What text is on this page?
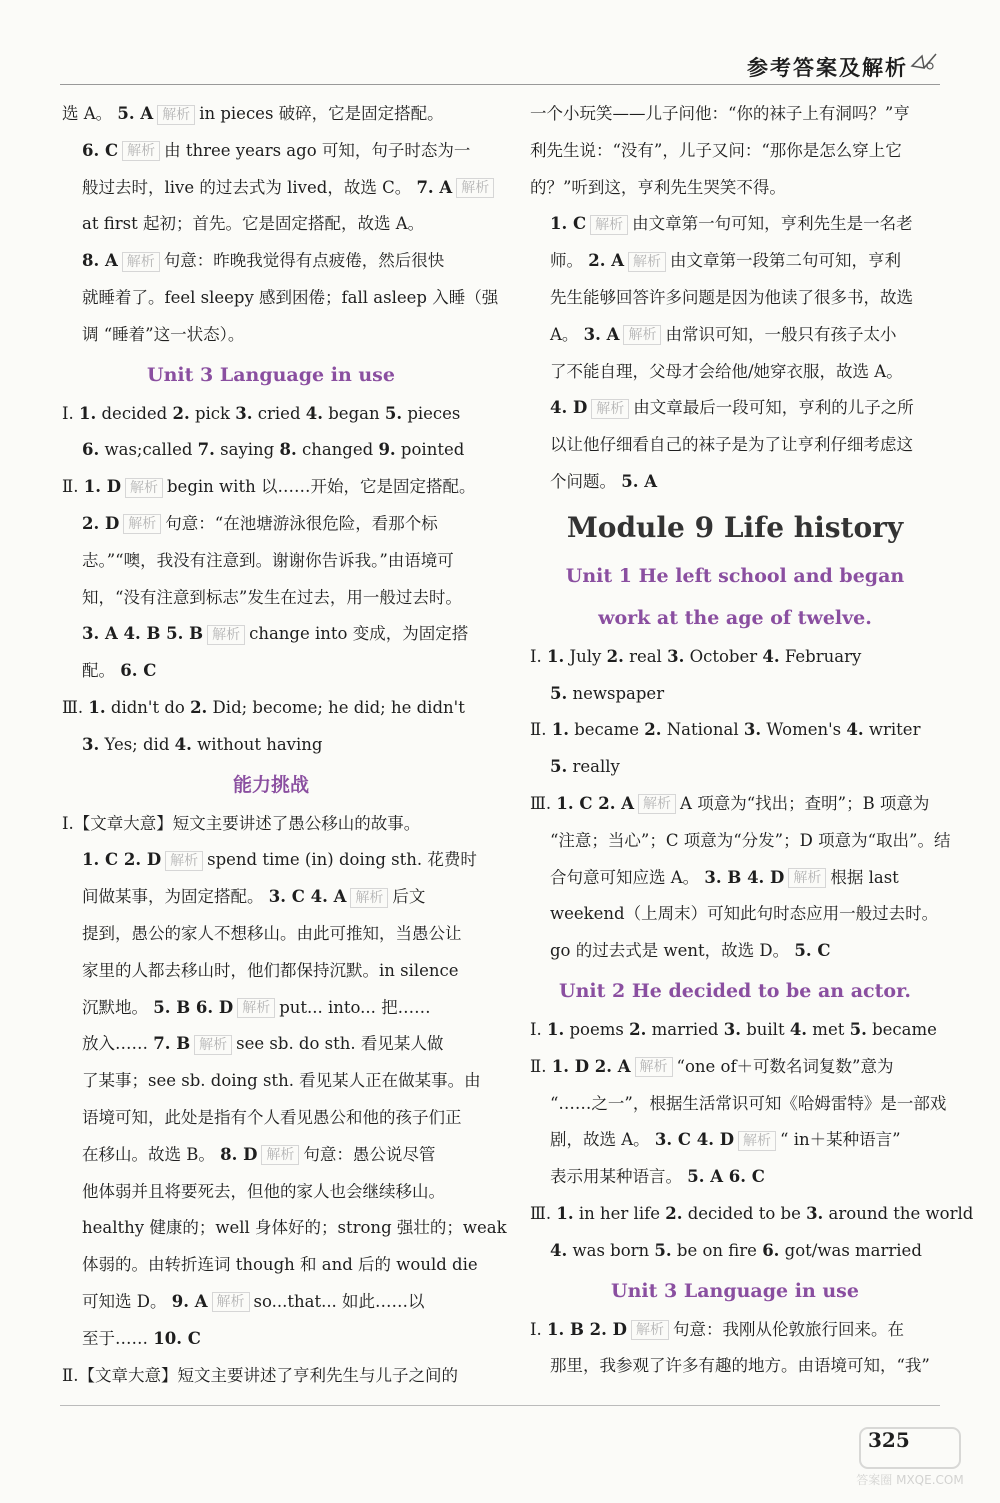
参考答案及解析
选 A。 5. A 解析 in pieces 破碎，它是固定搭配。
6. C 解析 由 three years ago 可知，句子时态为一
般过去时，live 的过去式为 lived，故选 C。 7. A 解析
at first 起初；首先。它是固定搭配，故选 A。
8. A 解析 句意：昨晚我觉得有点疲倦，然后很快
就睡着了。feel sleepy 感到困倦；fall asleep 入睡（强
调 “睡着”这一状态）。
Unit 3 Language in use
Ⅰ. 1. decided 2. pick 3. cried 4. began 5. pieces
6. was;called 7. saying 8. changed 9. pointed
Ⅱ. 1. D 解析 begin with 以……开始，它是固定搭配。
2. D 解析 句意：“在池塘游泳很危险，看那个标
志。”“噢，我没有注意到。谢谢你告诉我。”由语境可
知，“没有注意到标志”发生在过去，用一般过去时。
3. A 4. B 5. B 解析 change into 变成，为固定搭
配。 6. C
Ⅲ. 1. didn't do 2. Did; become; he did; he didn't
3. Yes; did 4. without having
能力挑战
Ⅰ.【文章大意】短文主要讲述了愚公移山的故事。
1. C 2. D 解析 spend time (in) doing sth. 花费时
间做某事，为固定搭配。 3. C 4. A 解析 后文
提到，愚公的家人不想移山。由此可推知，当愚公让
家里的人都去移山时，他们都保持沉默。in silence
沉默地。 5. B 6. D 解析 put... into... 把……
放入…… 7. B 解析 see sb. do sth. 看见某人做
了某事；see sb. doing sth. 看见某人正在做某事。由
语境可知，此处是指有个人看见愚公和他的孩子们正
在移山。故选 B。 8. D 解析 句意：愚公说尽管
他体弱并且将要死去，但他的家人也会继续移山。
healthy 健康的；well 身体好的；strong 强壮的；weak
体弱的。由转折连词 though 和 and 后的 would die
可知选 D。 9. A 解析 so...that... 如此……以
至于…… 10. C
Ⅱ.【文章大意】短文主要讲述了亨利先生与儿子之间的
一个小玩笑——儿子问他：“你的袜子上有洞吗？”亨
利先生说：“没有”，儿子又问：“那你是怎么穿上它
的？”听到这，亨利先生哭笑不得。
1. C 解析 由文章第一句可知，亨利先生是一名老
师。 2. A 解析 由文章第一段第二句可知，亨利
先生能够回答许多问题是因为他读了很多书，故选
A。 3. A 解析 由常识可知，一般只有孩子太小
了不能自理，父母才会给他/她穿衣服，故选 A。
4. D 解析 由文章最后一段可知，亨利的儿子之所
以让他仔细看自己的袜子是为了让亨利仔细考虑这
个问题。 5. A
Module 9 Life history
Unit 1 He left school and began
work at the age of twelve.
Ⅰ. 1. July 2. real 3. October 4. February
5. newspaper
Ⅱ. 1. became 2. National 3. Women's 4. writer
5. really
Ⅲ. 1. C 2. A 解析 A 项意为“找出；查明”；B 项意为
“注意；当心”；C 项意为“分发”；D 项意为“取出”。结
合句意可知应选 A。 3. B 4. D 解析 根据 last
weekend（上周末）可知此句时态应用一般过去时。
go 的过去式是 went，故选 D。 5. C
Unit 2 He decided to be an actor.
Ⅰ. 1. poems 2. married 3. built 4. met 5. became
Ⅱ. 1. D 2. A 解析 “one of＋可数名词复数”意为
“……之一”，根据生活常识可知《哈姆雷特》是一部戏
剧，故选 A。 3. C 4. D 解析 “ in＋某种语言”
表示用某种语言。 5. A 6. C
Ⅲ. 1. in her life 2. decided to be 3. around the world
4. was born 5. be on fire 6. got/was married
Unit 3 Language in use
Ⅰ. 1. B 2. D 解析 句意：我刚从伦敦旅行回来。在
那里，我参观了许多有趣的地方。由语境可知，“我”
325
答案圈 MXQE.COM
